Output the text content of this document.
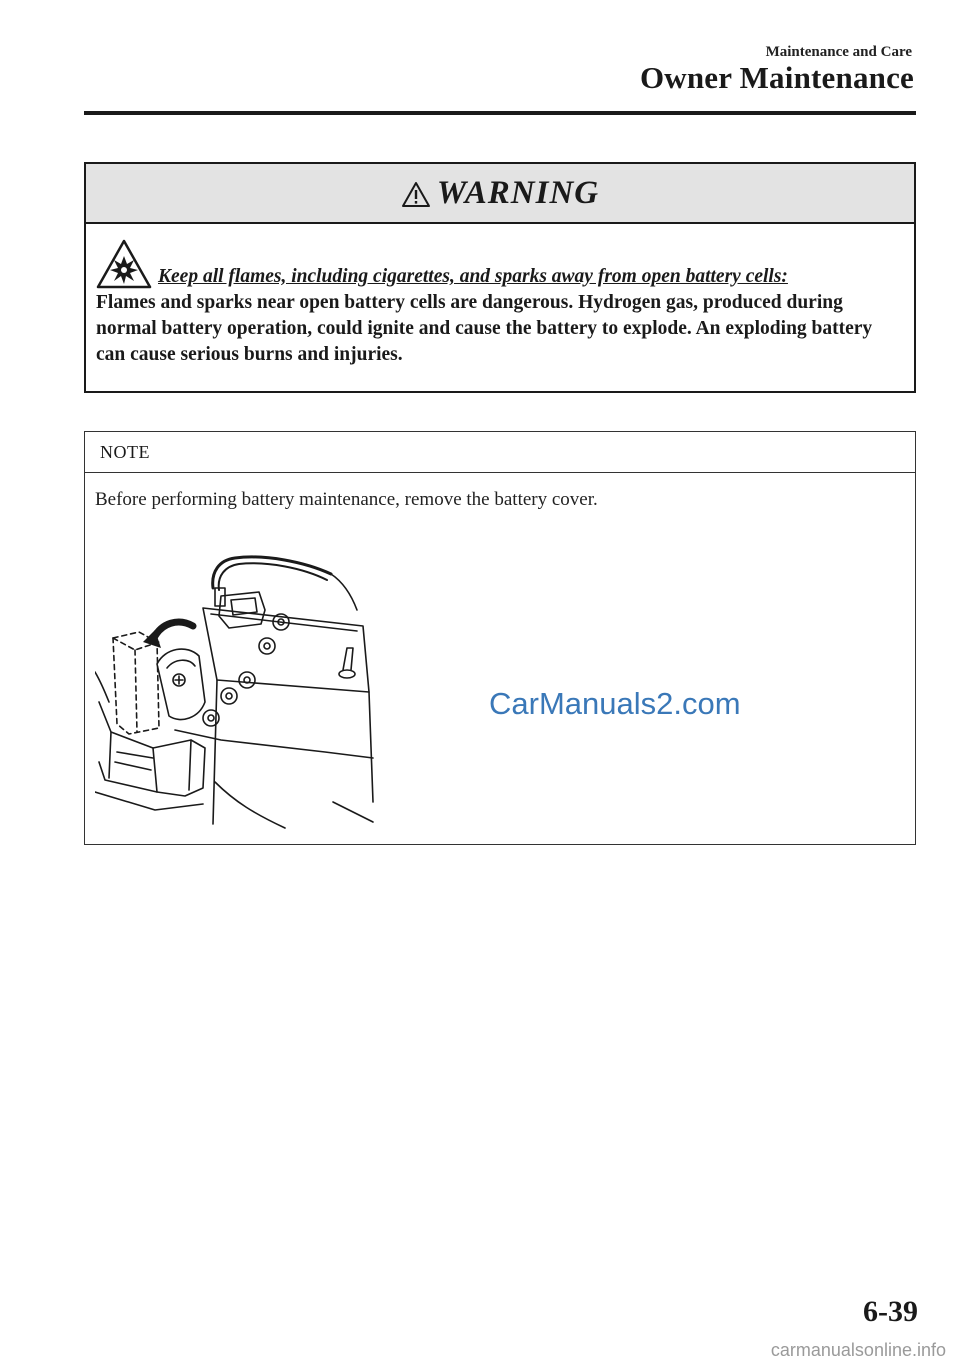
Maintenance and Care
Owner Maintenance
WARNING
Keep all flames, including cigarettes, and sparks away from open battery cells:
Flames and sparks near open battery cells are dangerous. Hydrogen gas, produced during normal battery operation, could ignite and cause the battery to explode. An exploding battery can cause serious burns and injuries.
NOTE
Before performing battery maintenance, remove the battery cover.
CarManuals2.com
6-39
carmanualsonline.info
